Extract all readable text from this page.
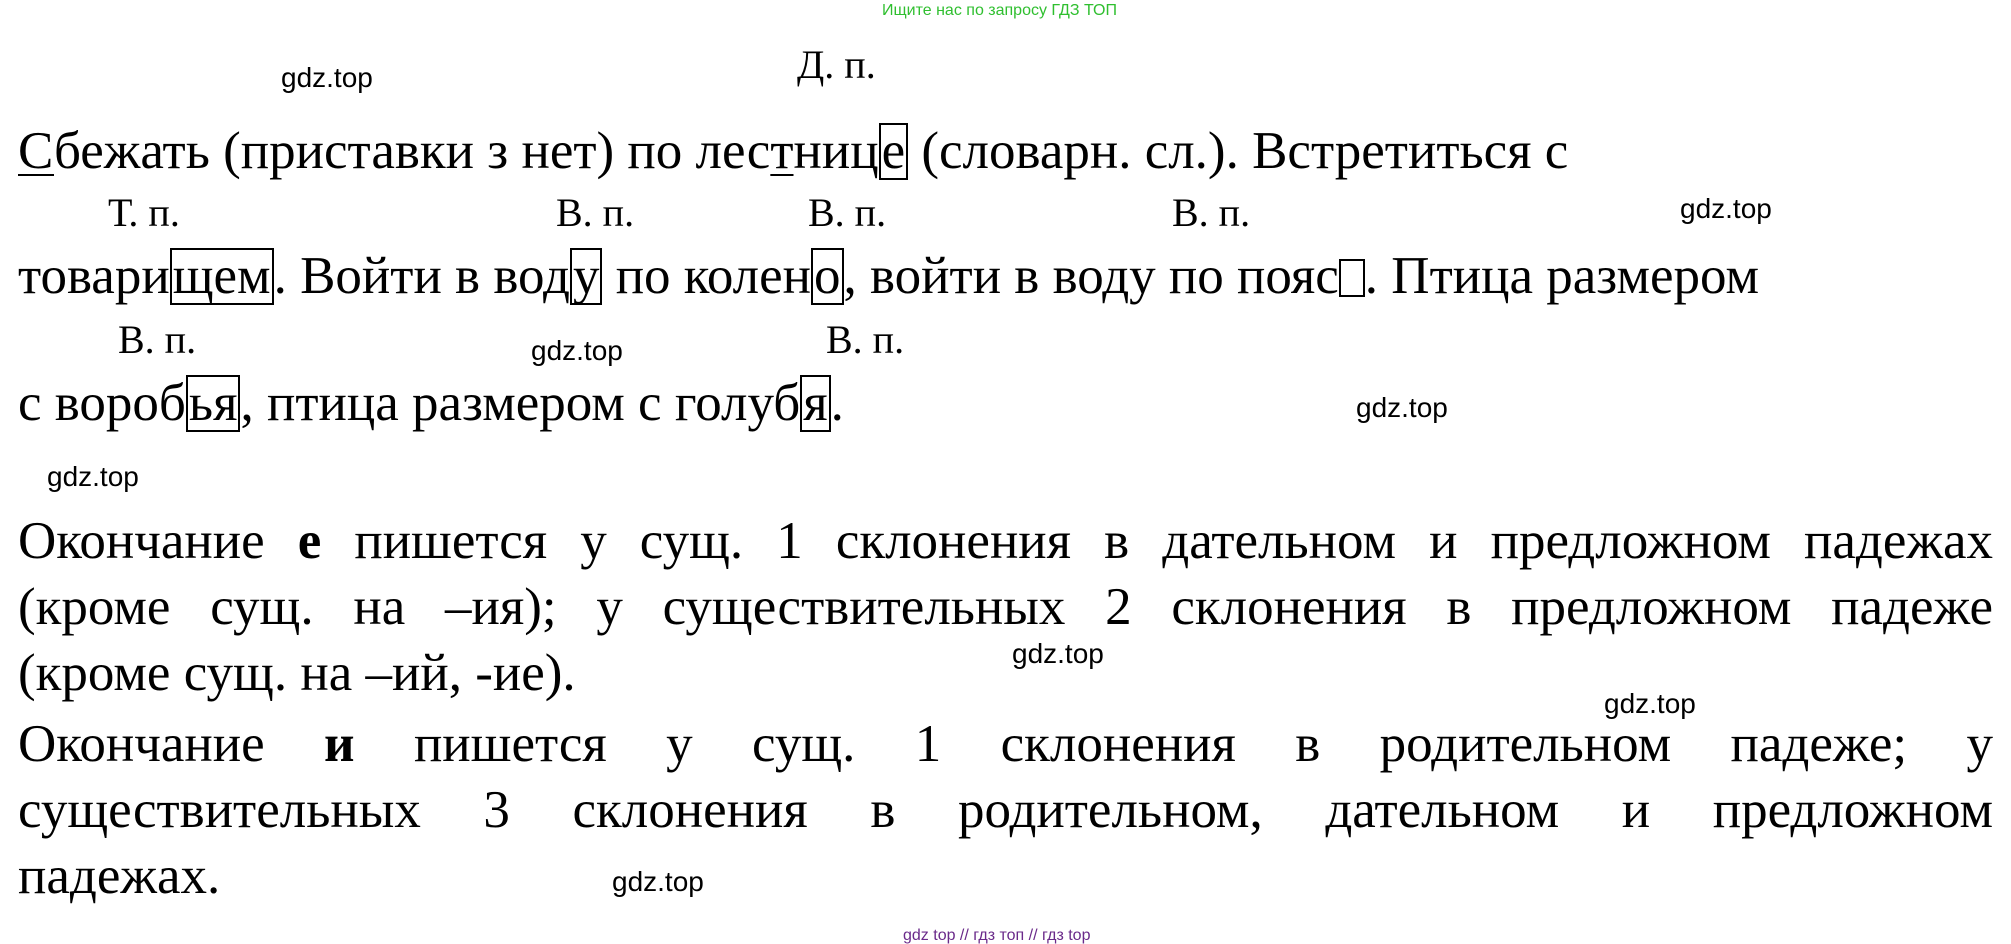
Ищите нас по запросу ГДЗ ТОП
gdz.top
gdz.top
gdz.top
gdz.top
gdz.top
gdz.top
gdz.top
gdz.top
Д. п.
Т. п.	В. п.	В. п.	В. п.
В. п.	В. п.
Сбежать (приставки з нет) по лестнице (словарн. сл.). Встретиться с
товарищем. Войти в воду по колено, войти в воду по пояс . Птица размером
с воробья, птица размером с голубя.
Окончание е пишется у сущ. 1 склонения в дательном и предложном падежах
(кроме сущ. на –ия); у существительных 2 склонения в предложном падеже
(кроме сущ. на –ий, -ие).
Окончание и пишется у сущ. 1 склонения в родительном падеже; у
существительных 3 склонения в родительном, дательном и предложном
падежах.
gdz top // гдз топ // гдз top
